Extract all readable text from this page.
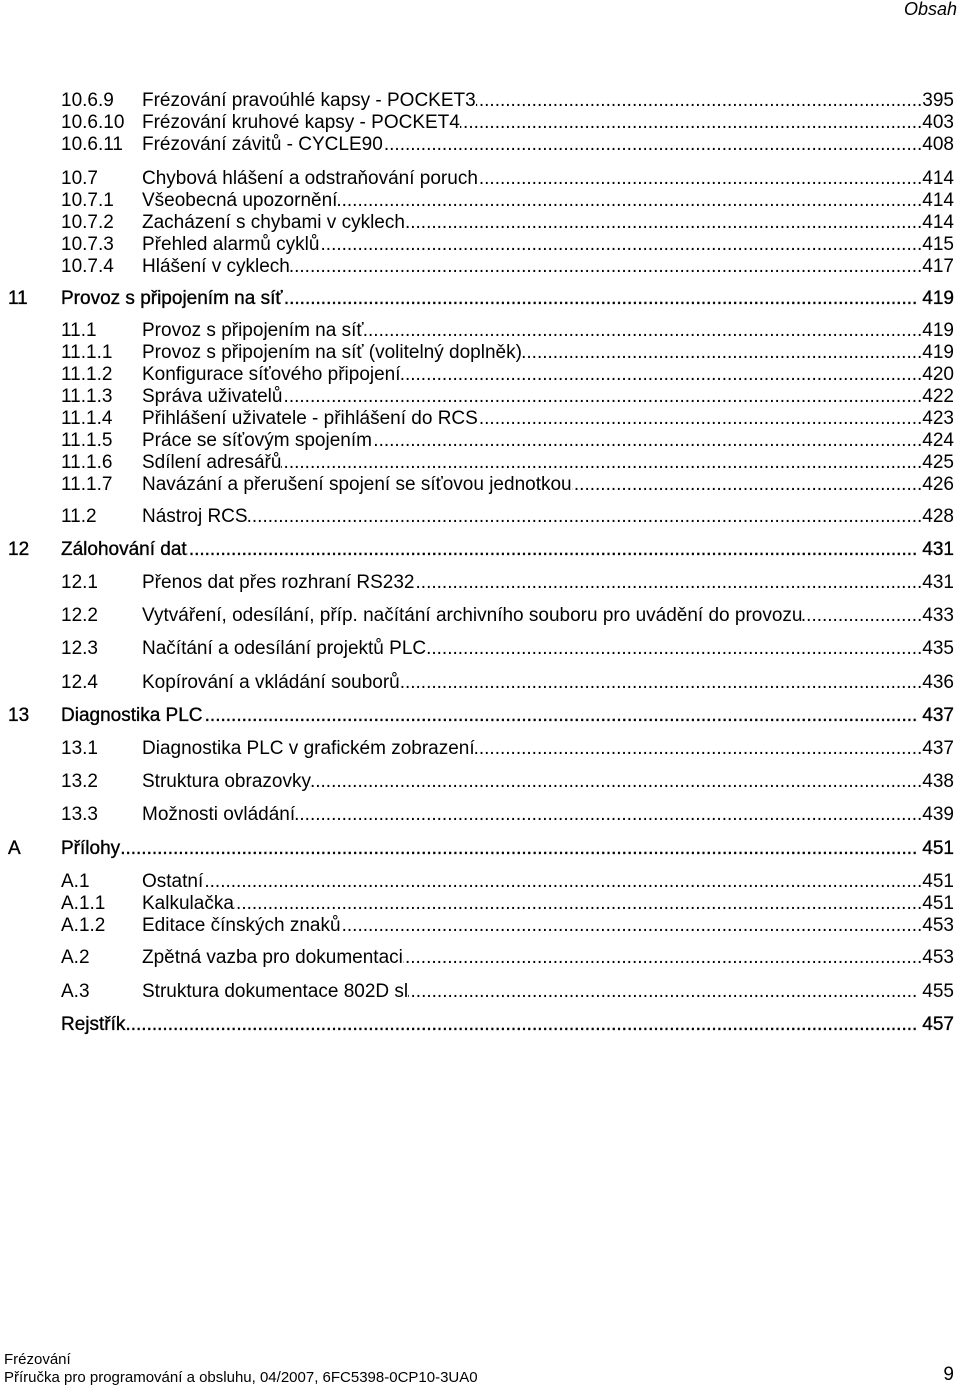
Obsah
10.6.9	Frézování pravoúhlé kapsy - POCKET3 .....	395
10.6.10 Frézování kruhové kapsy - POCKET4 .....	403
10.6.11	Frézování závitů - CYCLE90 .....	408
10.7	Chybová hlášení a odstraňování poruch .....	414
10.7.1	Všeobecná upozornění .....	414
10.7.2	Zacházení s chybami v cyklech .....	414
10.7.3	Přehled alarmů cyklů .....	415
10.7.4	Hlášení v cyklech .....	417
11	Provoz s připojením na síť .....	419
11.1	Provoz s připojením na síť .....	419
11.1.1	Provoz s připojením na síť (volitelný doplněk) .....	419
11.1.2	Konfigurace síťového připojení .....	420
11.1.3	Správa uživatelů .....	422
11.1.4	Přihlášení uživatele - přihlášení do RCS .....	423
11.1.5	Práce se síťovým spojením .....	424
11.1.6	Sdílení adresářů .....	425
11.1.7	Navázání a přerušení spojení se síťovou jednotkou .....	426
11.2	Nástroj RCS .....	428
12	Zálohování dat .....	431
12.1	Přenos dat přes rozhraní RS232 .....	431
12.2	Vytváření, odesílání, příp. načítání archivního souboru pro uvádění do provozu .....	433
12.3	Načítání a odesílání projektů PLC .....	435
12.4	Kopírování a vkládání souborů .....	436
13	Diagnostika PLC .....	437
13.1	Diagnostika PLC v grafickém zobrazení .....	437
13.2	Struktura obrazovky .....	438
13.3	Možnosti ovládání .....	439
A	Přílohy .....	451
A.1	Ostatní .....	451
A.1.1	Kalkulačka .....	451
A.1.2	Editace čínských znaků .....	453
A.2	Zpětná vazba pro dokumentaci .....	453
A.3	Struktura dokumentace 802D sl .....	455
Rejstřík .....	457
Frézování
Příručka pro programování a obsluhu, 04/2007, 6FC5398-0CP10-3UA0	9
